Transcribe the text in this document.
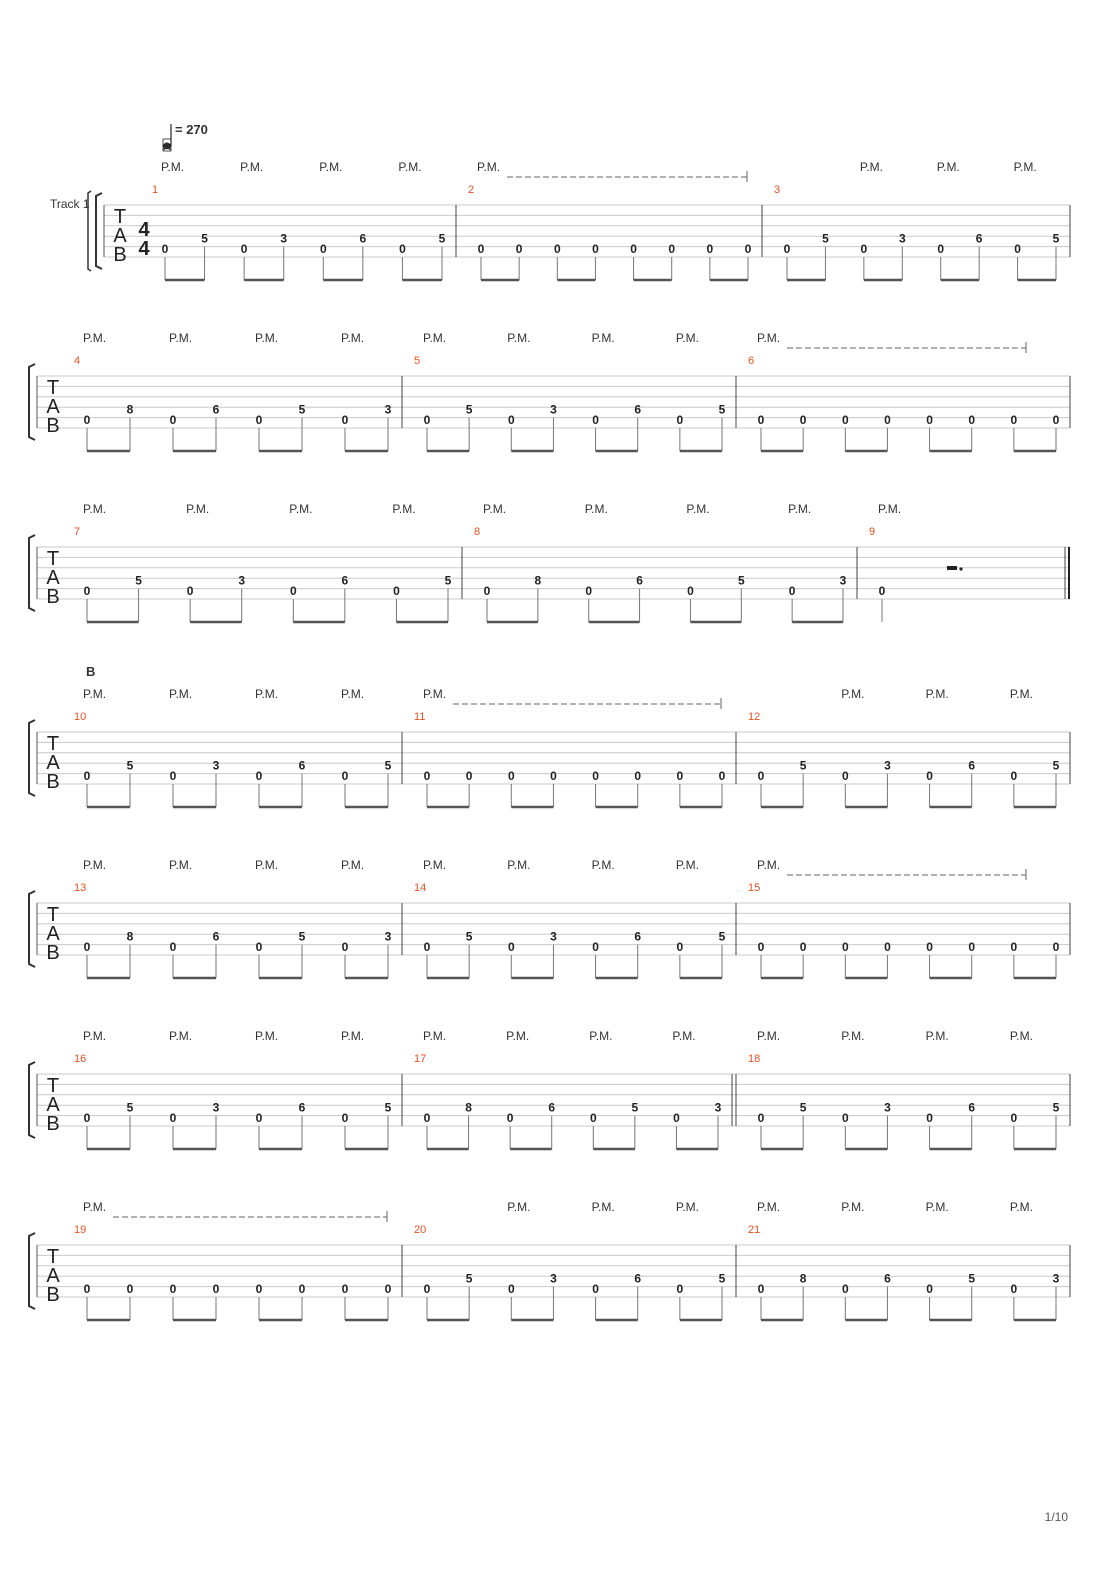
Track 1
= 270
T
A
B
4
4
1
A
0
5
0
3
0
6
0
5
P.M.	P.M.	P.M.	P.M.
2
0	0	0	0	0	0	0	0
P.M.
3
0
5
0
3
0
6
0
5
P.M.	P.M.	P.M.
T
A
B
4
0
8
0
6
0
5
0
3
P.M.	P.M.	P.M.	P.M.
5
0
5
0
3
0
6
0
5
P.M.	P.M.	P.M.	P.M.
6
0	0	0	0	0	0	0	0
P.M.
T
A
B
7
0
5
0
3
0
6
0
5
P.M.	P.M.	P.M.	P.M.
8
0
8
0
6
0
5
0
3
P.M.	P.M.	P.M.	P.M.
9
0
P.M.
T
A
B
10
B
0
5
0
3
0
6
0
5
P.M.	P.M.	P.M.	P.M.
11
0	0	0	0	0	0	0	0
P.M.
12
0
5
0
3
0
6
0
5
P.M.	P.M.	P.M.
T
A
B
13
0
8
0
6
0
5
0
3
P.M.	P.M.	P.M.	P.M.
14
0
5
0
3
0
6
0
5
P.M.	P.M.	P.M.	P.M.
15
0	0	0	0	0	0	0	0
P.M.
T
A
B
16
0
5
0
3
0
6
0
5
P.M.	P.M.	P.M.	P.M.
17
0
8
0
6
0
5
0
3
P.M.	P.M.	P.M.	P.M.
18
0
5
0
3
0
6
0
5
P.M.	P.M.	P.M.	P.M.
T
A
B
19
0	0	0	0	0	0	0	0
P.M.
20
0
5
0
3
0
6
0
5
P.M.	P.M.	P.M.
21
0
8
0
6
0
5
0
3
P.M.	P.M.	P.M.	P.M.
1/10
